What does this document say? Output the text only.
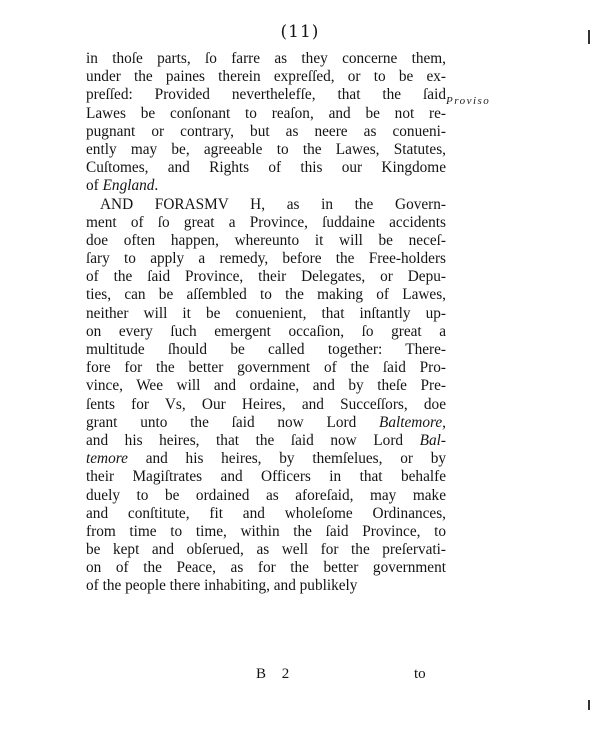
(11)
Proviso
in thoſe parts, ſo farre as they concerne them,
under the paines therein expreſſed, or to be ex-
preſſed: Provided neverthelefſe, that the ſaid
Lawes be conſonant to reaſon, and be not re-
pugnant or contrary, but as neere as conueni-
ently may be, agreeable to the Lawes, Statutes,
Cuſtomes, and Rights of this our Kingdome
of England.
AND FORASMV H, as in the Govern-
ment of ſo great a Province, ſuddaine accidents
doe often happen, whereunto it will be neceſ-
ſary to apply a remedy, before the Free-holders
of the ſaid Province, their Delegates, or Depu-
ties, can be aſſembled to the making of Lawes,
neither will it be conuenient, that inſtantly up-
on every ſuch emergent occaſion, ſo great a
multitude ſhould be called together: There-
fore for the better government of the ſaid Pro-
vince, Wee will and ordaine, and by theſe Pre-
ſents for Vs, Our Heires, and Succeſſors, doe
grant unto the ſaid now Lord Baltemore,
and his heires, that the ſaid now Lord Bal-
temore and his heires, by themſelues, or by
their Magiſtrates and Officers in that behalfe
duely to be ordained as aforeſaid, may make
and conſtitute, fit and wholeſome Ordinances,
from time to time, within the ſaid Province, to
be kept and obſerued, as well for the preſervati-
on of the Peace, as for the better government
of the people there inhabiting, and publikely
B 2	to
